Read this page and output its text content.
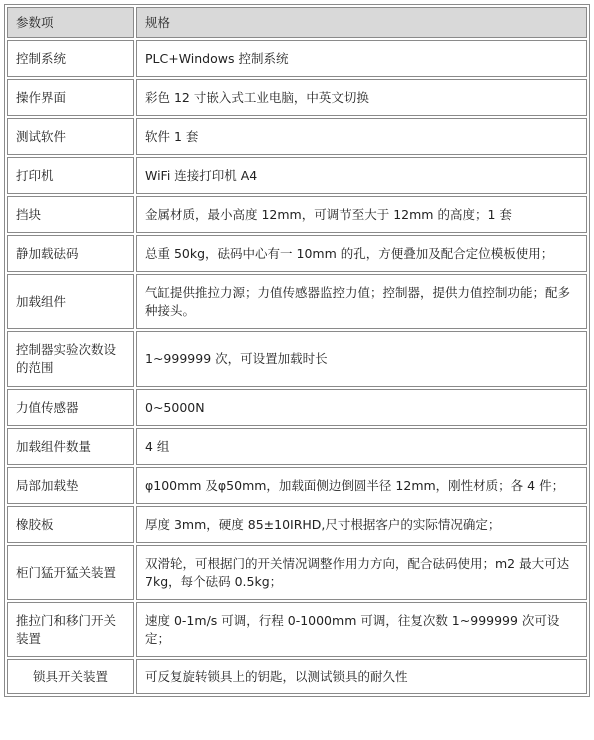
参数项	规格
控制系统	PLC+Windows 控制系统
操作界面	彩色 12 寸嵌入式工业电脑，中英文切换
测试软件	软件 1 套
打印机	WiFi 连接打印机 A4
挡块	金属材质，最小高度 12mm，可调节至大于 12mm 的高度；1 套
静加载砝码	总重 50kg，砝码中心有一 10mm 的孔，方便叠加及配合定位模板使用；
加载组件	气缸提供推拉力源；力值传感器监控力值；控制器，提供力值控制功能；配多种接头。
控制器实验次数设的范围	1~999999 次，可设置加载时长
力值传感器	0~5000N
加载组件数量	4 组
局部加载垫	φ100mm 及φ50mm，加载面侧边倒圆半径 12mm，刚性材质；各 4 件；
橡胶板	厚度 3mm，硬度 85±10IRHD,尺寸根据客户的实际情况确定；
柜门猛开猛关装置	双滑轮，可根据门的开关情况调整作用力方向，配合砝码使用；m2 最大可达 7kg，每个砝码 0.5kg；
推拉门和移门开关装置	速度 0-1m/s 可调，行程 0-1000mm 可调，往复次数 1~999999 次可设定；
锁具开关装置	可反复旋转锁具上的钥匙，以测试锁具的耐久性
